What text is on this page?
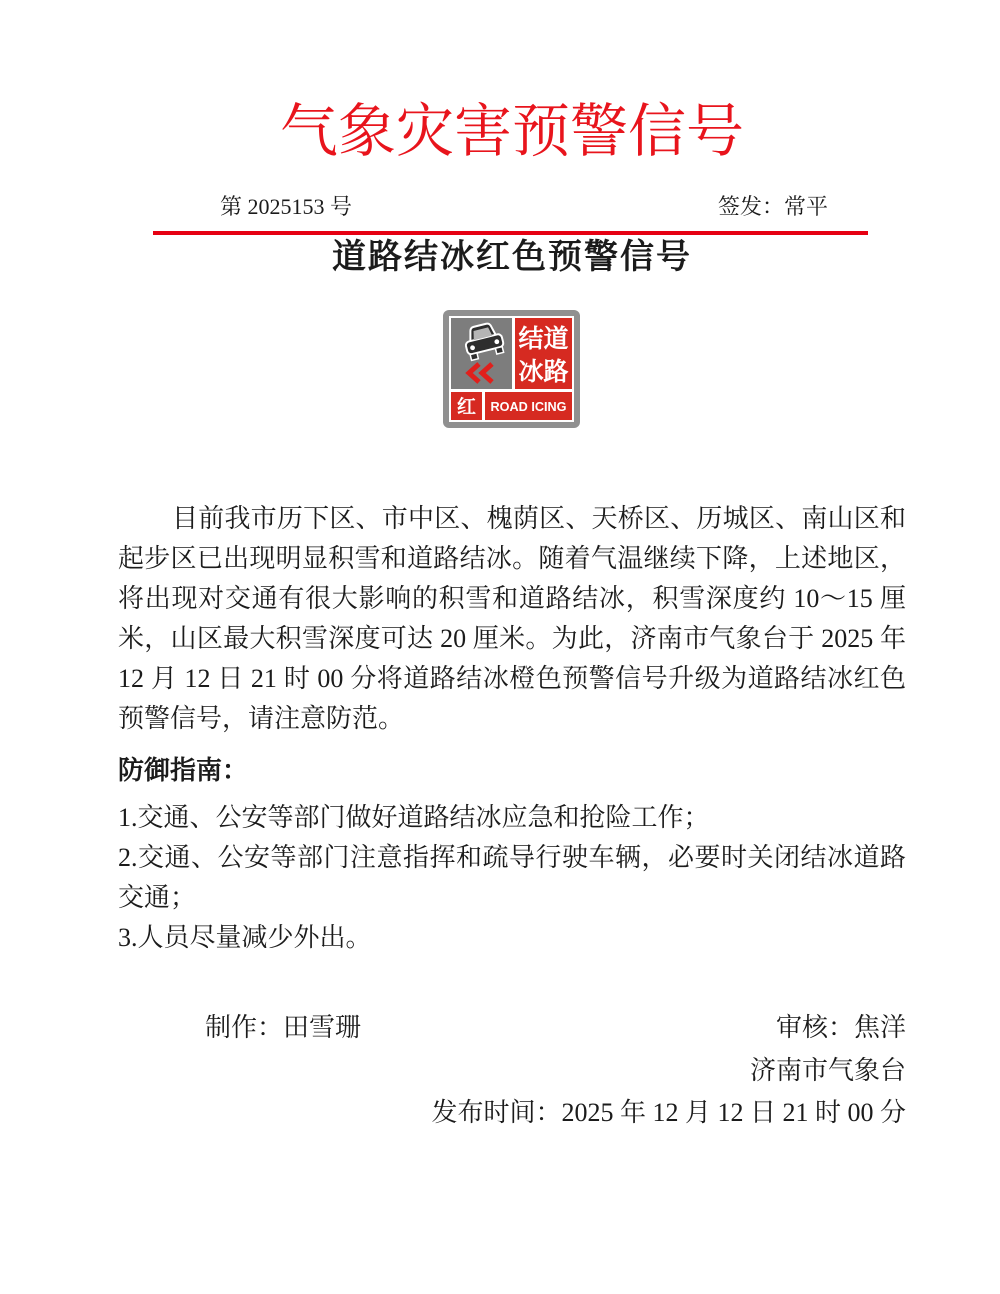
气象灾害预警信号
第 2025153 号	签发：常平
道路结冰红色预警信号
结道
冰路
红 ROAD ICING
目前我市历下区、市中区、槐荫区、天桥区、历城区、南山区和
起步区已出现明显积雪和道路结冰。随着气温继续下降，上述地区，
将出现对交通有很大影响的积雪和道路结冰，积雪深度约 10～15 厘
米，山区最大积雪深度可达 20 厘米。为此，济南市气象台于 2025 年
12 月 12 日 21 时 00 分将道路结冰橙色预警信号升级为道路结冰红色
预警信号，请注意防范。
防御指南：
1.交通、公安等部门做好道路结冰应急和抢险工作；
2.交通、公安等部门注意指挥和疏导行驶车辆，必要时关闭结冰道路
交通；
3.人员尽量减少外出。
制作：田雪珊	审核：焦洋
济南市气象台
发布时间：2025 年 12 月 12 日 21 时 00 分
